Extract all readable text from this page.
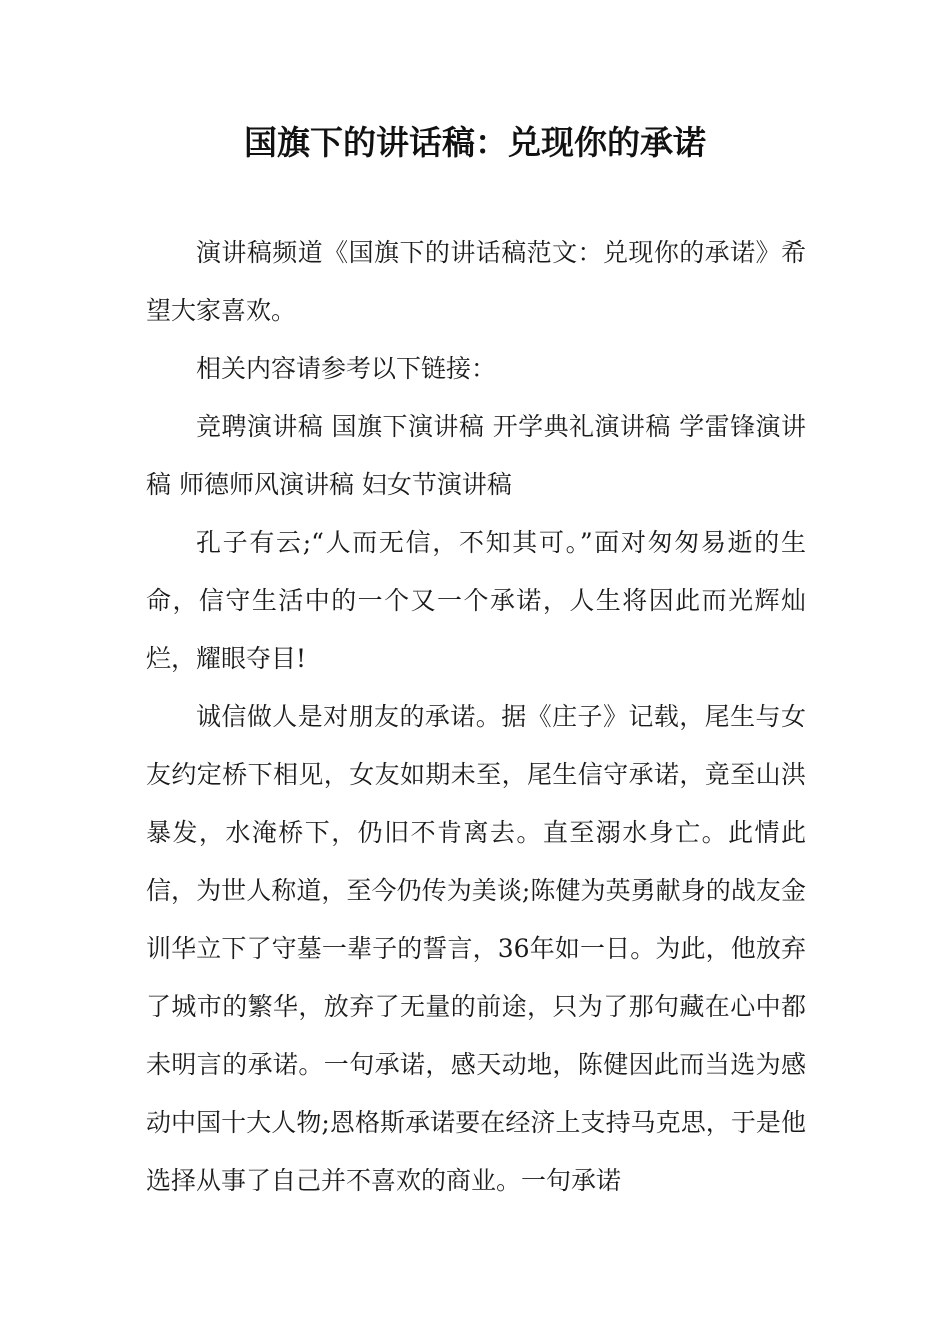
国旗下的讲话稿：兑现你的承诺

演讲稿频道《国旗下的讲话稿范文：兑现你的承诺》希望大家喜欢。

相关内容请参考以下链接：

竞聘演讲稿 国旗下演讲稿 开学典礼演讲稿 学雷锋演讲稿 师德师风演讲稿 妇女节演讲稿

孔子有云;“人而无信，不知其可。”面对匆匆易逝的生命，信守生活中的一个又一个承诺，人生将因此而光辉灿烂，耀眼夺目!

诚信做人是对朋友的承诺。据《庄子》记载，尾生与女友约定桥下相见，女友如期未至，尾生信守承诺，竟至山洪暴发，水淹桥下，仍旧不肯离去。直至溺水身亡。此情此信，为世人称道，至今仍传为美谈;陈健为英勇献身的战友金训华立下了守墓一辈子的誓言，36年如一日。为此，他放弃了城市的繁华，放弃了无量的前途，只为了那句藏在心中都未明言的承诺。一句承诺，感天动地，陈健因此而当选为感动中国十大人物;恩格斯承诺要在经济上支持马克思，于是他选择从事了自己并不喜欢的商业。一句承诺
